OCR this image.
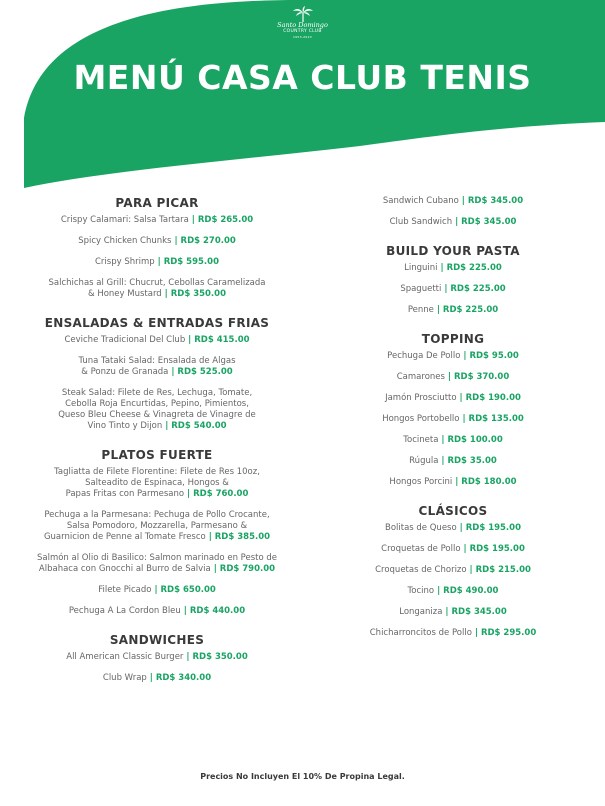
Santo Domingo
COUNTRY CLUB
1953-2023
MENÚ CASA CLUB TENIS
PARA PICAR
Crispy Calamari: Salsa Tartara | RD$ 265.00
Spicy Chicken Chunks | RD$ 270.00
Crispy Shrimp | RD$ 595.00
Salchichas al Grill: Chucrut, Cebollas Caramelizada
& Honey Mustard | RD$ 350.00
ENSALADAS & ENTRADAS FRIAS
Ceviche Tradicional Del Club | RD$ 415.00
Tuna Tataki Salad: Ensalada de Algas
& Ponzu de Granada | RD$ 525.00
Steak Salad: Filete de Res, Lechuga, Tomate,
Cebolla Roja Encurtidas, Pepino, Pimientos,
Queso Bleu Cheese & Vinagreta de Vinagre de
Vino Tinto y Dijon | RD$ 540.00
PLATOS FUERTE
Tagliatta de Filete Florentine: Filete de Res 10oz,
Salteadito de Espinaca, Hongos &
Papas Fritas con Parmesano | RD$ 760.00
Pechuga a la Parmesana: Pechuga de Pollo Crocante,
Salsa Pomodoro, Mozzarella, Parmesano &
Guarnicion de Penne al Tomate Fresco | RD$ 385.00
Salmón al Olio di Basilico: Salmon marinado en Pesto de
Albahaca con Gnocchi al Burro de Salvia | RD$ 790.00
Filete Picado | RD$ 650.00
Pechuga A La Cordon Bleu | RD$ 440.00
SANDWICHES
All American Classic Burger | RD$ 350.00
Club Wrap | RD$ 340.00
Sandwich Cubano | RD$ 345.00
Club Sandwich | RD$ 345.00
BUILD YOUR PASTA
Linguini | RD$ 225.00
Spaguetti | RD$ 225.00
Penne | RD$ 225.00
TOPPING
Pechuga De Pollo | RD$ 95.00
Camarones | RD$ 370.00
Jamón Prosciutto | RD$ 190.00
Hongos Portobello | RD$ 135.00
Tocineta | RD$ 100.00
Rúgula | RD$ 35.00
Hongos Porcini | RD$ 180.00
CLÁSICOS
Bolitas de Queso | RD$ 195.00
Croquetas de Pollo | RD$ 195.00
Croquetas de Chorizo | RD$ 215.00
Tocino | RD$ 490.00
Longaniza | RD$ 345.00
Chicharroncitos de Pollo | RD$ 295.00
Precios No Incluyen El 10% De Propina Legal.
